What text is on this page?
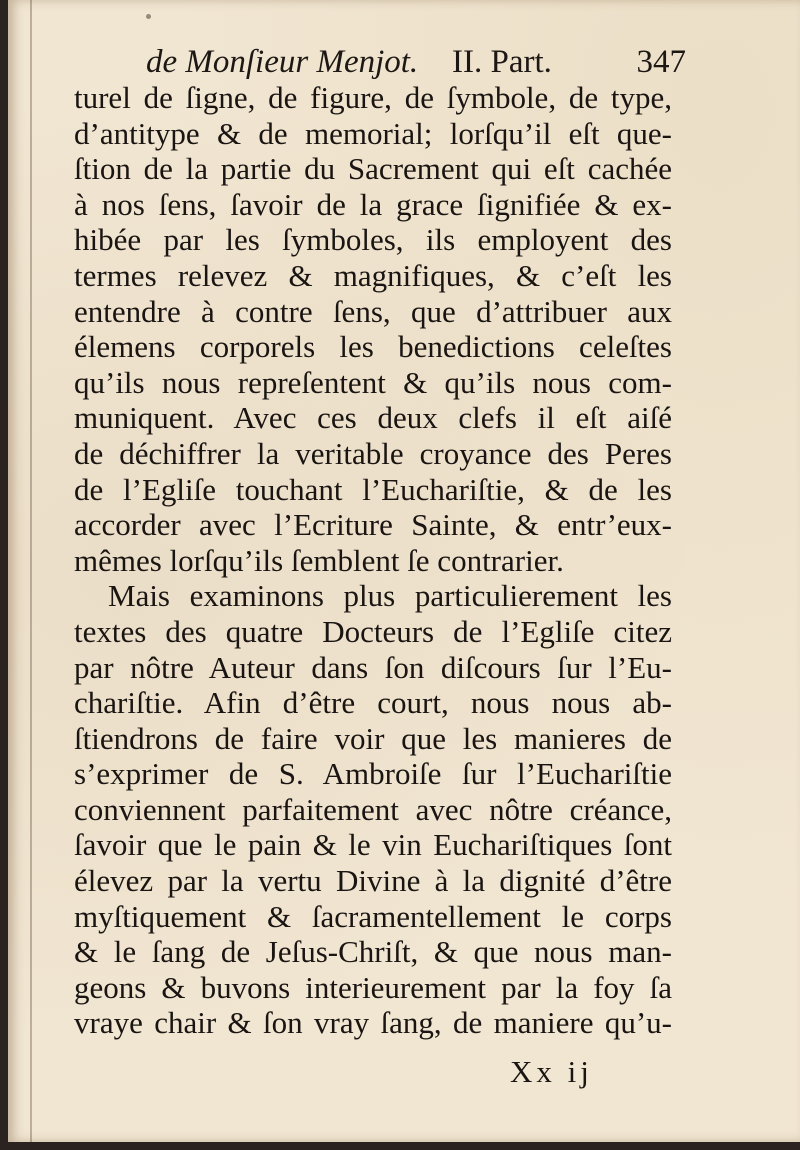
de Monſieur Menjot. II. Part.	347
turel de ſigne, de figure, de ſymbole, de type,
d’antitype & de memorial; lorſqu’il eſt que-
ſtion de la partie du Sacrement qui eſt cachée
à nos ſens, ſavoir de la grace ſignifiée & ex-
hibée par les ſymboles, ils employent des
termes relevez & magnifiques, & c’eſt les
entendre à contre ſens, que d’attribuer aux
élemens corporels les benedictions celeſtes
qu’ils nous repreſentent & qu’ils nous com-
muniquent. Avec ces deux clefs il eſt aiſé
de déchiffrer la veritable croyance des Peres
de l’Egliſe touchant l’Euchariſtie, & de les
accorder avec l’Ecriture Sainte, & entr’eux-
mêmes lorſqu’ils ſemblent ſe contrarier.
Mais examinons plus particulierement les
textes des quatre Docteurs de l’Egliſe citez
par nôtre Auteur dans ſon diſcours ſur l’Eu-
chariſtie. Afin d’être court, nous nous ab-
ſtiendrons de faire voir que les manieres de
s’exprimer de S. Ambroiſe ſur l’Euchariſtie
conviennent parfaitement avec nôtre créance,
ſavoir que le pain & le vin Euchariſtiques ſont
élevez par la vertu Divine à la dignité d’être
myſtiquement & ſacramentellement le corps
& le ſang de Jeſus-Chriſt, & que nous man-
geons & buvons interieurement par la foy ſa
vraye chair & ſon vray ſang, de maniere qu’u-
Xx ij
